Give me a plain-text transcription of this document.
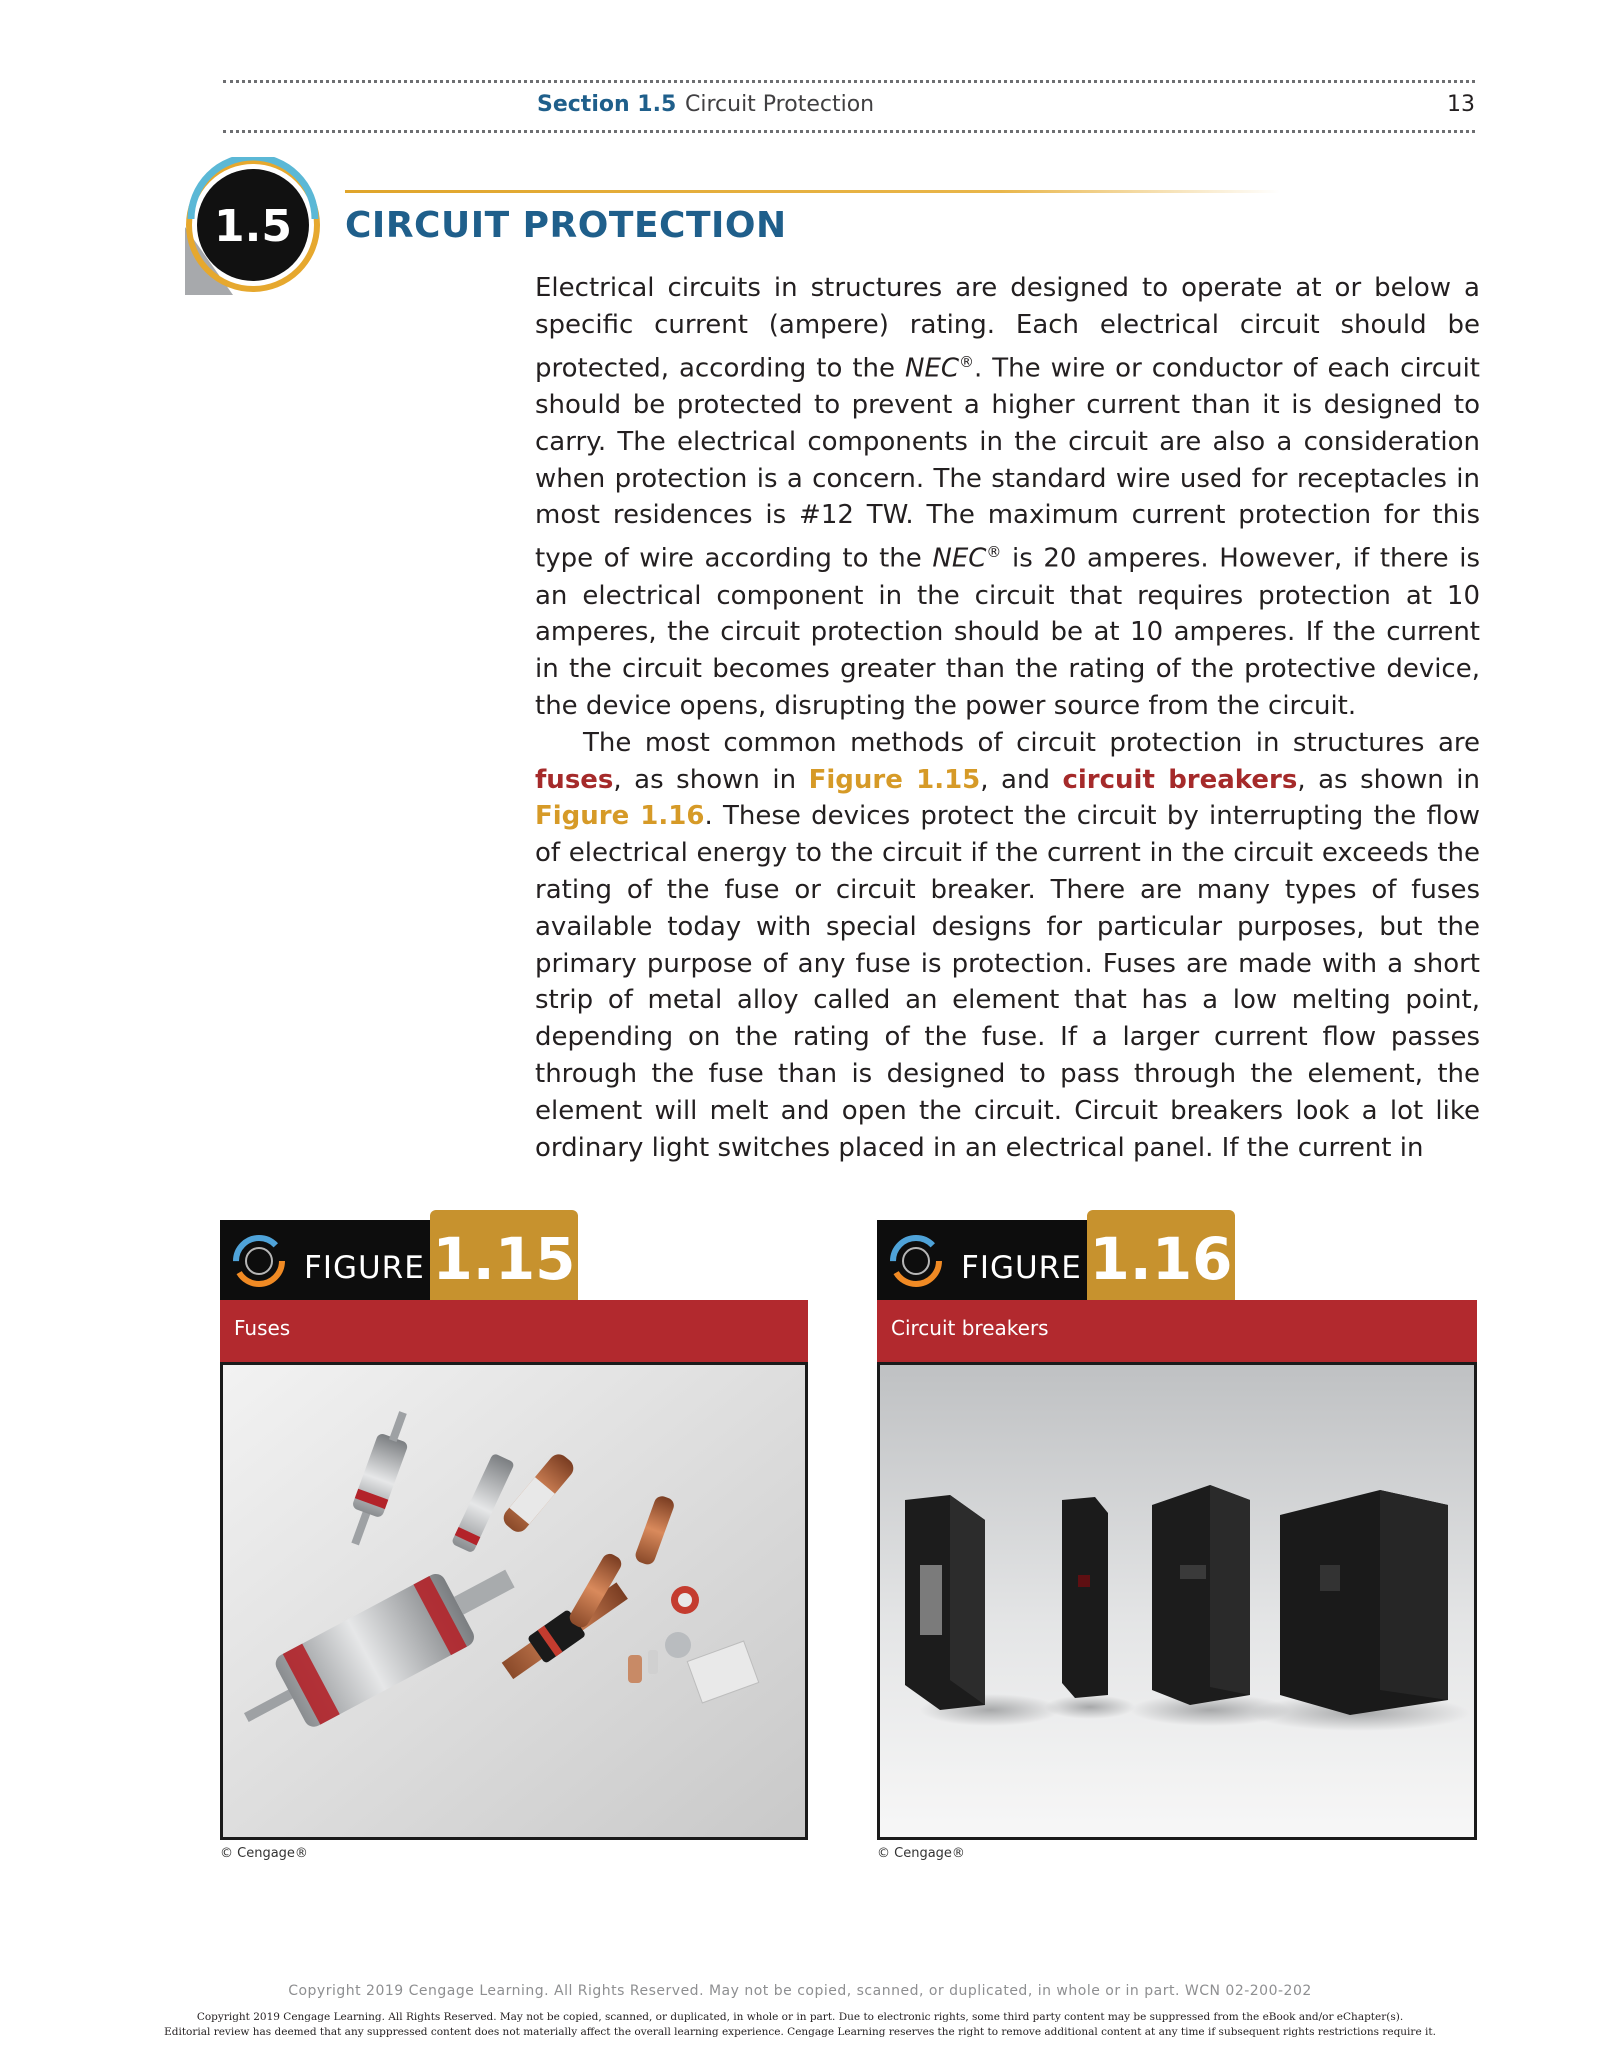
Section 1.5 Circuit Protection	13
1.5	CIRCUIT PROTECTION

Electrical circuits in structures are designed to operate at or below a specific current (ampere) rating. Each electrical circuit should be protected, according to the NEC®. The wire or conductor of each circuit should be protected to prevent a higher current than it is designed to carry. The electrical components in the circuit are also a consideration when protection is a concern. The standard wire used for receptacles in most residences is #12 TW. The maximum current protection for this type of wire according to the NEC® is 20 amperes. However, if there is an electrical component in the circuit that requires protection at 10 amperes, the circuit protection should be at 10 amperes. If the current in the circuit becomes greater than the rating of the protective device, the device opens, disrupting the power source from the circuit.

The most common methods of circuit protection in structures are fuses, as shown in Figure 1.15, and circuit breakers, as shown in Figure 1.16. These devices protect the circuit by interrupting the flow of electrical energy to the circuit if the current in the circuit exceeds the rating of the fuse or circuit breaker. There are many types of fuses available today with special designs for particular purposes, but the primary purpose of any fuse is protection. Fuses are made with a short strip of metal alloy called an element that has a low melting point, depending on the rating of the fuse. If a larger current flow passes through the fuse than is designed to pass through the element, the element will melt and open the circuit. Circuit breakers look a lot like ordinary light switches placed in an electrical panel. If the current in

FIGURE 1.15
Fuses
© Cengage®
FIGURE 1.16
Circuit breakers
© Cengage®
Copyright 2019 Cengage Learning. All Rights Reserved. May not be copied, scanned, or duplicated, in whole or in part. WCN 02-200-202
Copyright 2019 Cengage Learning. All Rights Reserved. May not be copied, scanned, or duplicated, in whole or in part. Due to electronic rights, some third party content may be suppressed from the eBook and/or eChapter(s).
Editorial review has deemed that any suppressed content does not materially affect the overall learning experience. Cengage Learning reserves the right to remove additional content at any time if subsequent rights restrictions require it.
